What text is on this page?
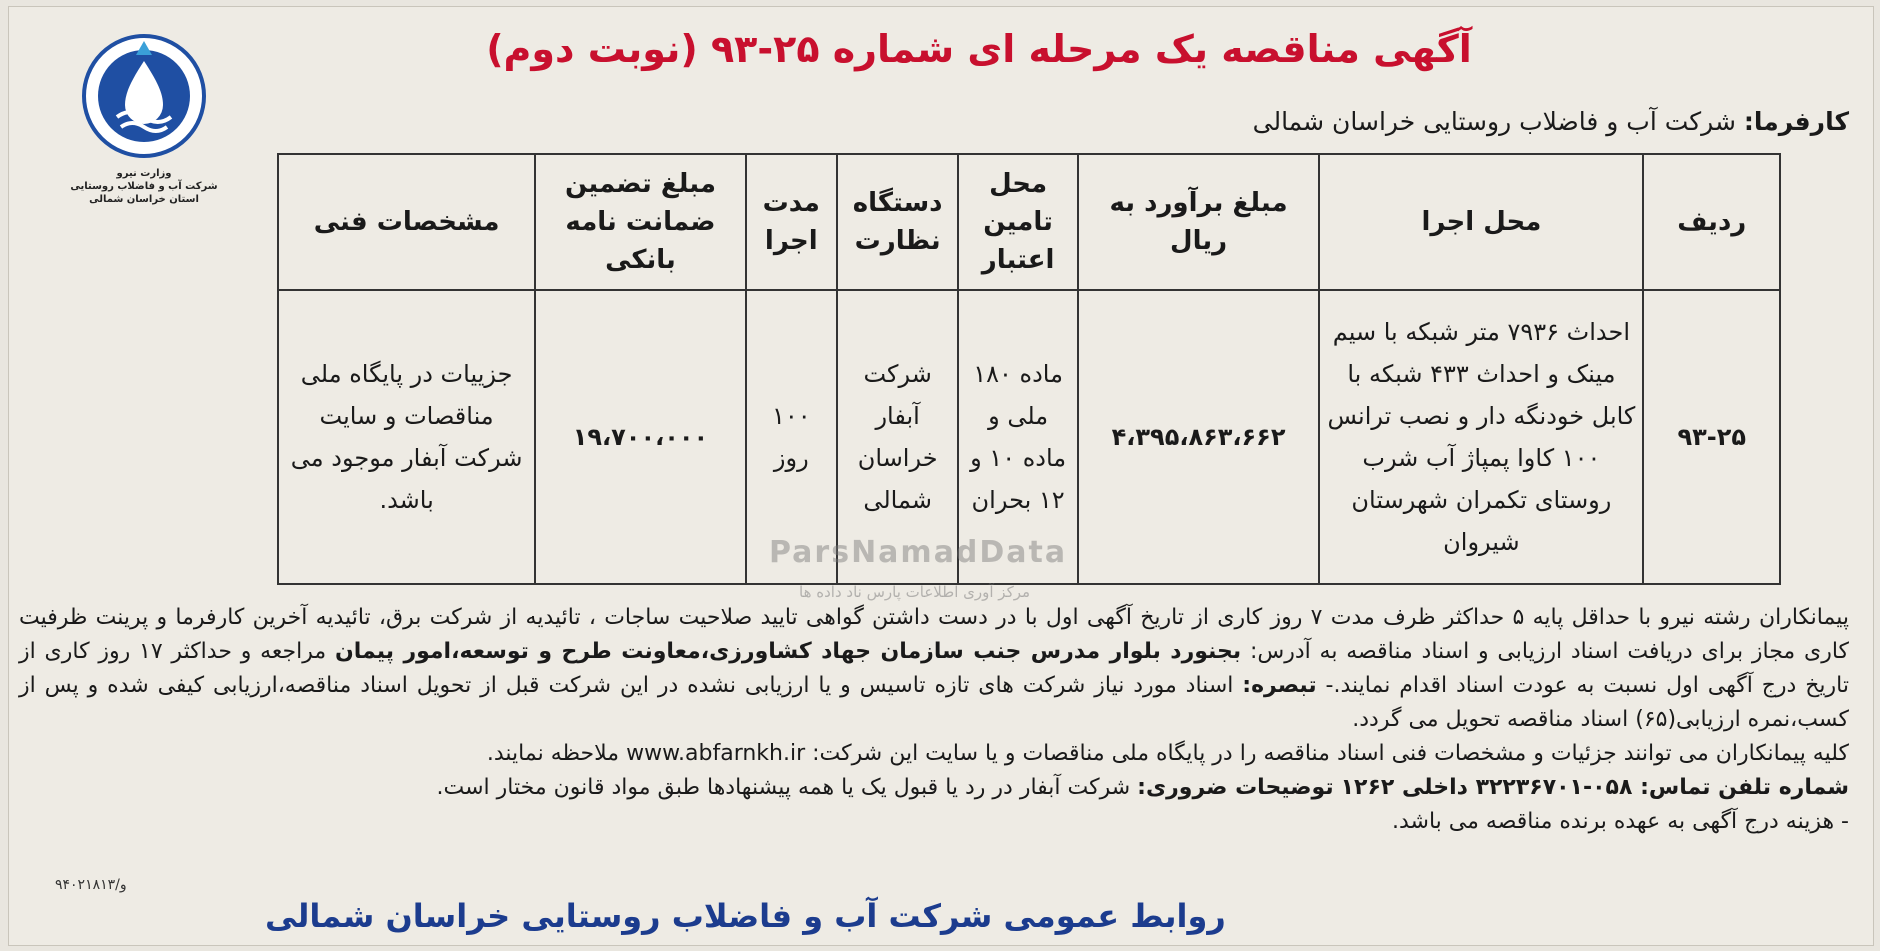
وزارت نیرو
شرکت آب و فاضلاب روستایی
استان خراسان شمالی
آگهی مناقصه یک مرحله ای شماره ۲۵-۹۳ (نوبت دوم)
کارفرما: شرکت آب و فاضلاب روستایی خراسان شمالی
ردیف	محل اجرا	مبلغ برآورد به ریال	محل تامین اعتبار	دستگاه نظارت	مدت اجرا	مبلغ تضمین ضمانت نامه بانکی	مشخصات فنی
۹۳-۲۵	احداث ۷۹۳۶ متر شبکه با سیم مینک و احداث ۴۳۳ شبکه با کابل خودنگه دار و نصب ترانس ۱۰۰ کاوا پمپاژ آب شرب روستای تکمران شهرستان شیروان	۴،۳۹۵،۸۶۳،۶۶۲	ماده ۱۸۰ ملی و ماده ۱۰ و ۱۲ بحران	شرکت آبفار خراسان شمالی	۱۰۰ روز	۱۹،۷۰۰،۰۰۰	جزییات در پایگاه ملی مناقصات و سایت شرکت آبفار موجود می باشد.
ParsNamadData
مرکز آوری اطلاعات پارس ناد داده ها

پیمانکاران رشته نیرو با حداقل پایه ۵ حداکثر ظرف مدت ۷ روز کاری از تاریخ آگهی اول با در دست داشتن گواهی تایید صلاحیت ساجات ، تائیدیه از شرکت برق، تائیدیه آخرین کارفرما و پرینت ظرفیت کاری مجاز برای دریافت اسناد ارزیابی و اسناد مناقصه به آدرس: بجنورد بلوار مدرس جنب سازمان جهاد کشاورزی،معاونت طرح و توسعه،امور پیمان مراجعه و حداکثر ۱۷ روز کاری از تاریخ درج آگهی اول نسبت به عودت اسناد اقدام نمایند.- تبصره: اسناد مورد نیاز شرکت های تازه تاسیس و یا ارزیابی نشده در این شرکت قبل از تحویل اسناد مناقصه،ارزیابی کیفی شده و پس از کسب،نمره ارزیابی(۶۵) اسناد مناقصه تحویل می گردد.

کلیه پیمانکاران می توانند جزئیات و مشخصات فنی اسناد مناقصه را در پایگاه ملی مناقصات و یا سایت این شرکت: www.abfarnkh.ir ملاحظه نمایند.

شماره تلفن تماس: ۰۵۸-۳۲۲۳۶۷۰۱ داخلی ۱۲۶۲ توضیحات ضروری: شرکت آبفار در رد یا قبول یک یا همه پیشنهادها طبق مواد قانون مختار است.

- هزینه درج آگهی به عهده برنده مناقصه می باشد.

۹۴۰۲۱۸۱۳/و
روابط عمومی شرکت آب و فاضلاب روستایی خراسان شمالی
